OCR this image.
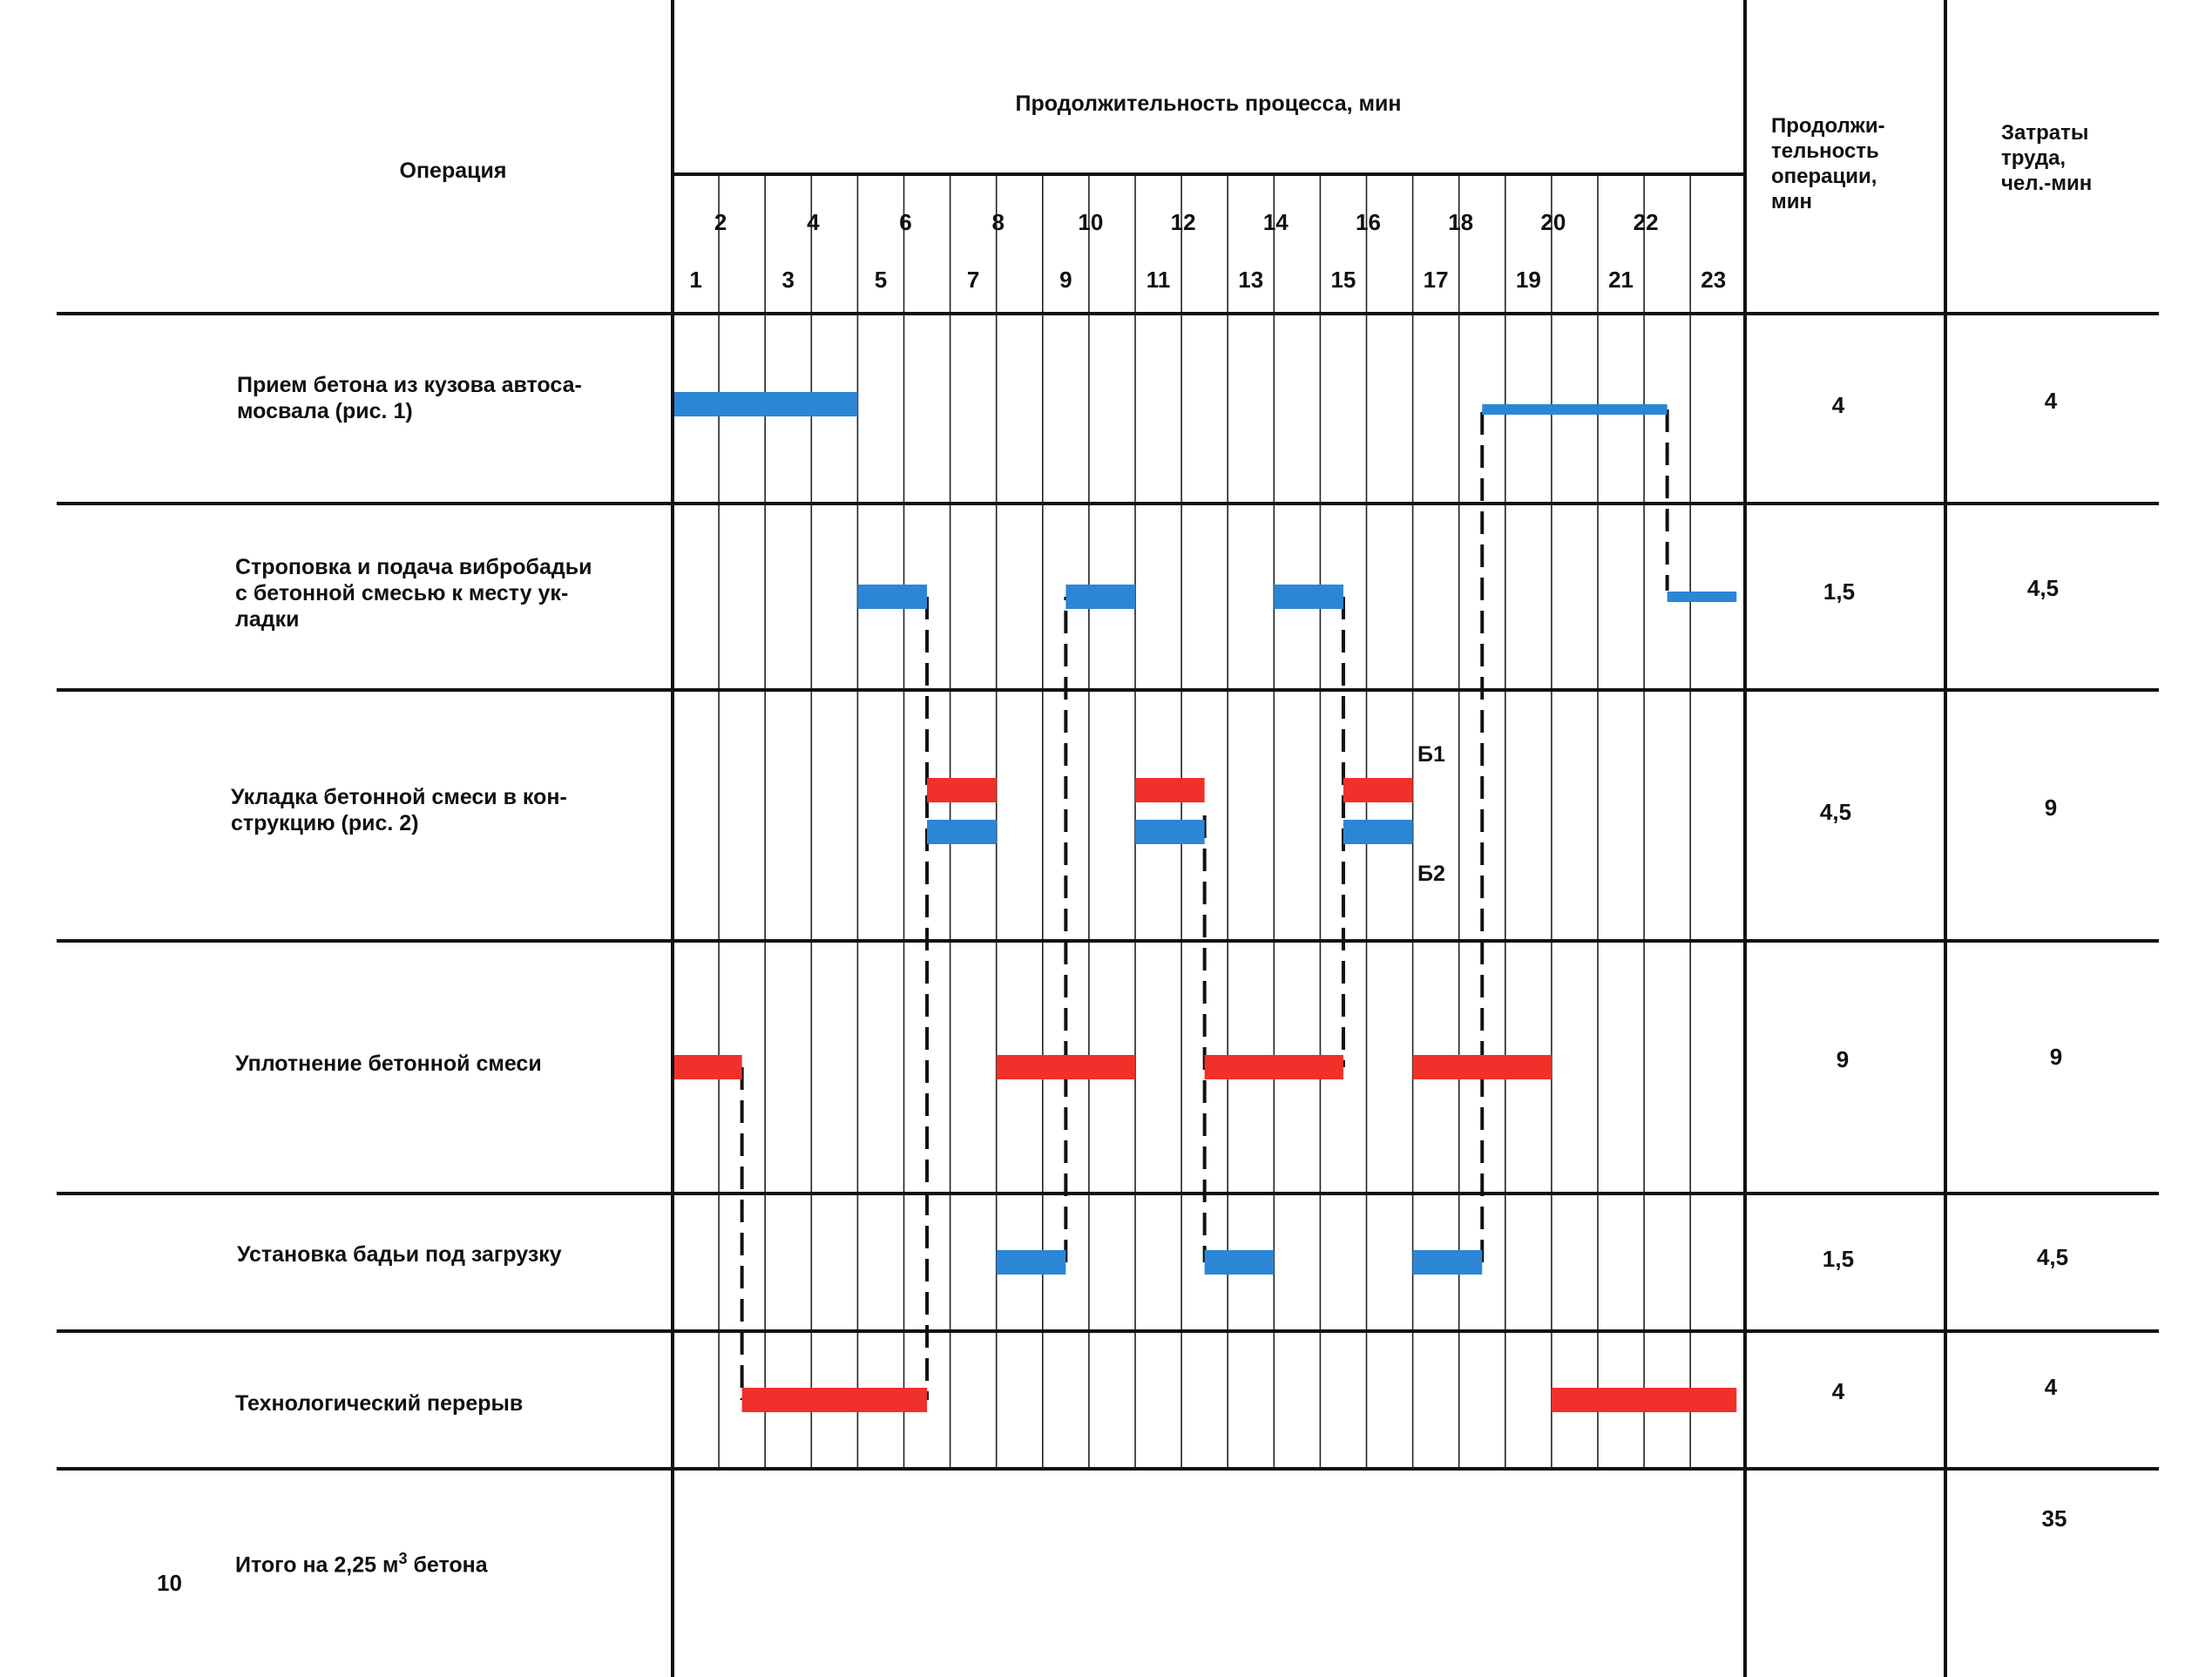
Операция
Продолжительность процесса, мин
Продолжи-
тельность
операции,
мин
Затраты
труда,
чел.-мин
1
2
3
4
5
6
7
8
9
10
11
12
13
14
15
16
17
18
19
20
21
22
23
Прием бетона из кузова автоса-
мосвала (рис. 1)
Строповка и подача вибробадьи
с бетонной смесью к месту ук-
ладки
Укладка бетонной смеси в кон-
струкцию (рис. 2)
Уплотнение бетонной смеси
Установка бадьи под загрузку
Технологический перерыв
4
1,5
4,5
9
1,5
4
4
4,5
9
9
4,5
4
Б1
Б2

Итого на 2,25 $м^3$ бетона

35
10
